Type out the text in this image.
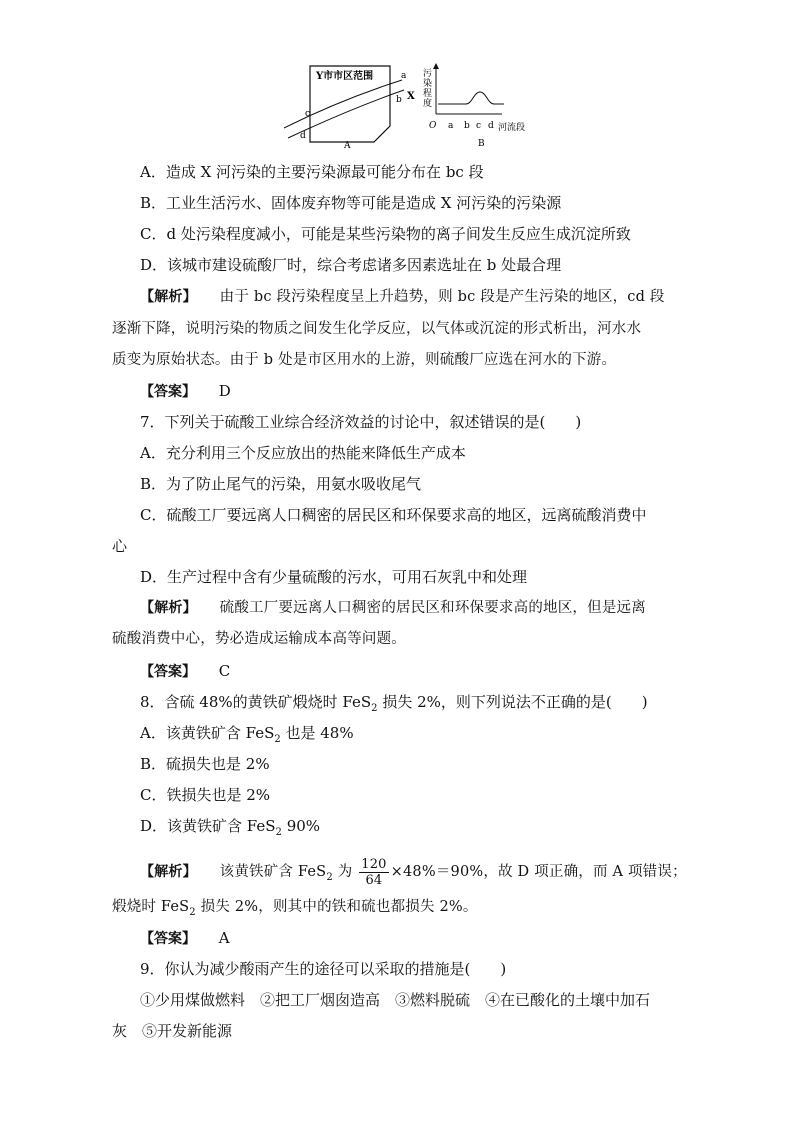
Y市市区范围	a
b
c
d
X
A
污
染
程
度
O a b c d 河流段
B
A．造成 X 河污染的主要污染源最可能分布在 bc 段
B．工业生活污水、固体废弃物等可能是造成 X 河污染的污染源
C．d 处污染程度减小，可能是某些污染物的离子间发生反应生成沉淀所致
D．该城市建设硫酸厂时，综合考虑诸多因素选址在 b 处最合理
【解析】 由于 bc 段污染程度呈上升趋势，则 bc 段是产生污染的地区，cd 段
逐渐下降，说明污染的物质之间发生化学反应，以气体或沉淀的形式析出，河水水
质变为原始状态。由于 b 处是市区用水的上游，则硫酸厂应选在河水的下游。
【答案】 D
7．下列关于硫酸工业综合经济效益的讨论中，叙述错误的是(　　)
A．充分利用三个反应放出的热能来降低生产成本
B．为了防止尾气的污染，用氨水吸收尾气
C．硫酸工厂要远离人口稠密的居民区和环保要求高的地区，远离硫酸消费中
心
D．生产过程中含有少量硫酸的污水，可用石灰乳中和处理
【解析】 硫酸工厂要远离人口稠密的居民区和环保要求高的地区，但是远离
硫酸消费中心，势必造成运输成本高等问题。
【答案】 C
8．含硫 48%的黄铁矿煅烧时 FeS$_2$ 损失 2%，则下列说法不正确的是(　　)
A．该黄铁矿含 FeS$_2$ 也是 48%
B．硫损失也是 2%
C．铁损失也是 2%
D．该黄铁矿含 FeS$_2$ 90%
【解析】 该黄铁矿含 FeS$_2$ 为 $\frac{120}{64} \times 48\%=90\%$，故 D 项正确，而 A 项错误；
煅烧时 FeS$_2$ 损失 2%，则其中的铁和硫也都损失 2%。
【答案】 A
9．你认为减少酸雨产生的途径可以采取的措施是(　　)
①少用煤做燃料　②把工厂烟囱造高　③燃料脱硫　④在已酸化的土壤中加石
灰　⑤开发新能源
